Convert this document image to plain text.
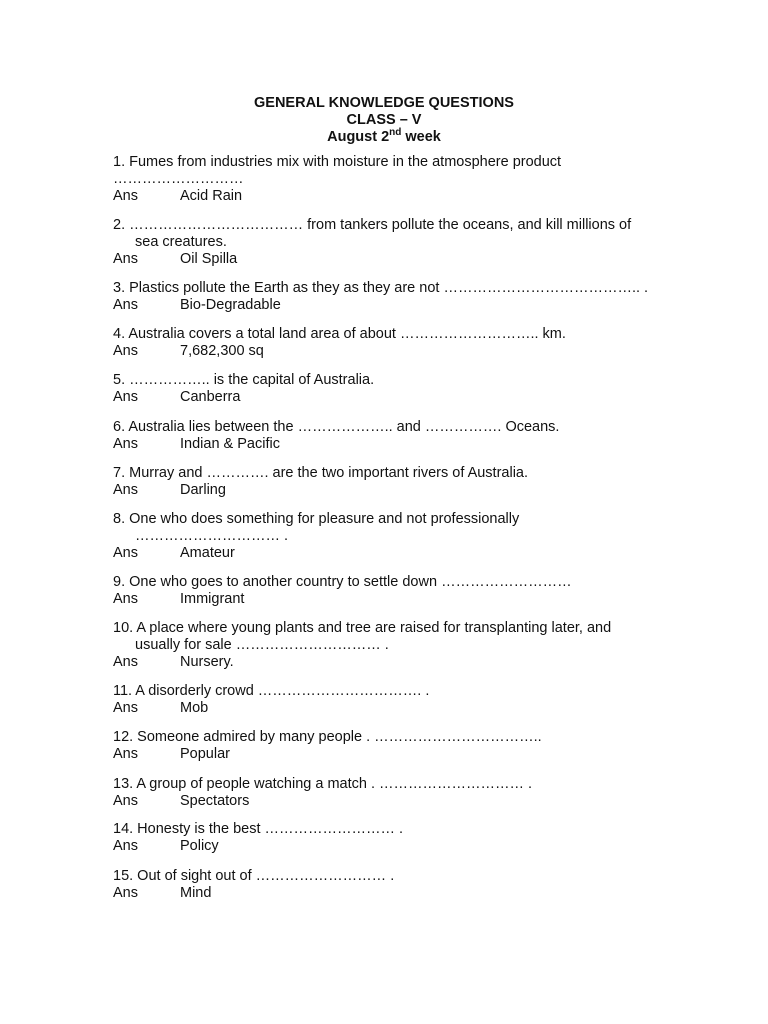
GENERAL KNOWLEDGE QUESTIONS
CLASS – V
August 2nd week
1. Fumes from industries mix with moisture in the atmosphere product
………………………
Ans	Acid Rain
2. ……………………………… from tankers pollute the oceans, and kill millions of
sea creatures.
Ans	Oil Spilla
3. Plastics pollute the Earth as they as they are not ………………………………….. .
Ans	Bio-Degradable
4. Australia covers a total land area of about ……………………….. km.
Ans	7,682,300 sq
5. …………….. is the capital of Australia.
Ans	Canberra
6. Australia lies between the ……………….. and ……………. Oceans.
Ans	Indian & Pacific
7. Murray and …………. are the two important rivers of Australia.
Ans	Darling
8. One who does something for pleasure and not professionally
………………………… .
Ans	Amateur
9. One who goes to another country to settle down ………………………
Ans	Immigrant
10. A place where young plants and tree are raised for transplanting later, and
usually for sale ………………………… .
Ans	Nursery.
11. A disorderly crowd ……………………………. .
Ans	Mob
12. Someone admired by many people . ……………………………..
Ans	Popular
13. A group of people watching a match . ………………………… .
Ans	Spectators
14. Honesty is the best ……………………… .
Ans	Policy
15. Out of sight out of ……………………… .
Ans	Mind
